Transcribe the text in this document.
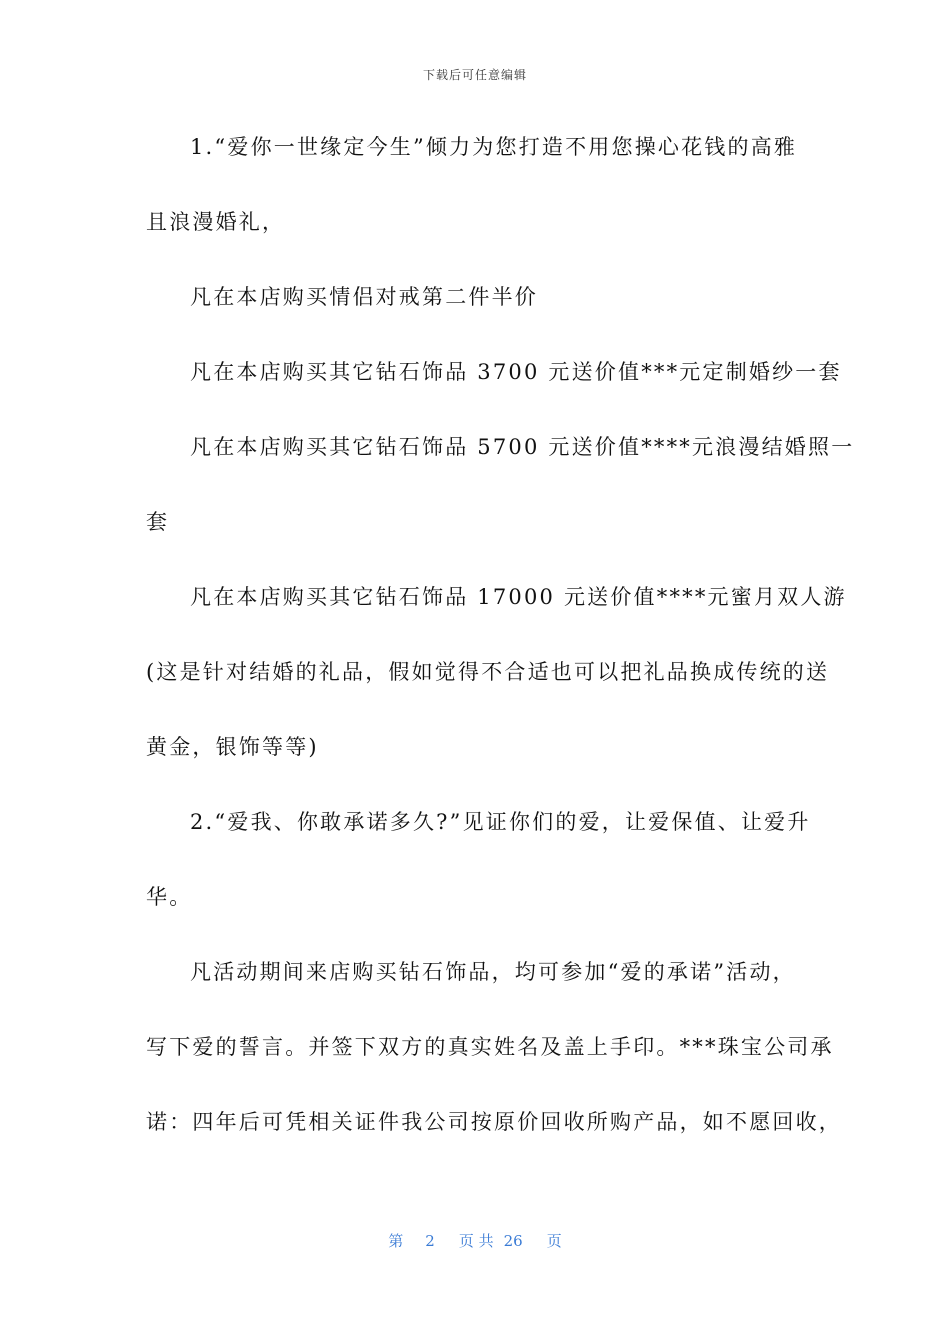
下载后可任意编辑
1.“爱你一世缘定今生”倾力为您打造不用您操心花钱的高雅
且浪漫婚礼，
凡在本店购买情侣对戒第二件半价
凡在本店购买其它钻石饰品 3700 元送价值***元定制婚纱一套
凡在本店购买其它钻石饰品 5700 元送价值****元浪漫结婚照一
套
凡在本店购买其它钻石饰品 17000 元送价值****元蜜月双人游
(这是针对结婚的礼品，假如觉得不合适也可以把礼品换成传统的送
黄金，银饰等等)
2.“爱我、你敢承诺多久?”见证你们的爱，让爱保值、让爱升
华。
凡活动期间来店购买钻石饰品，均可参加“爱的承诺”活动，
写下爱的誓言。并签下双方的真实姓名及盖上手印。***珠宝公司承
诺：四年后可凭相关证件我公司按原价回收所购产品，如不愿回收，
第 2 页 共 26 页
